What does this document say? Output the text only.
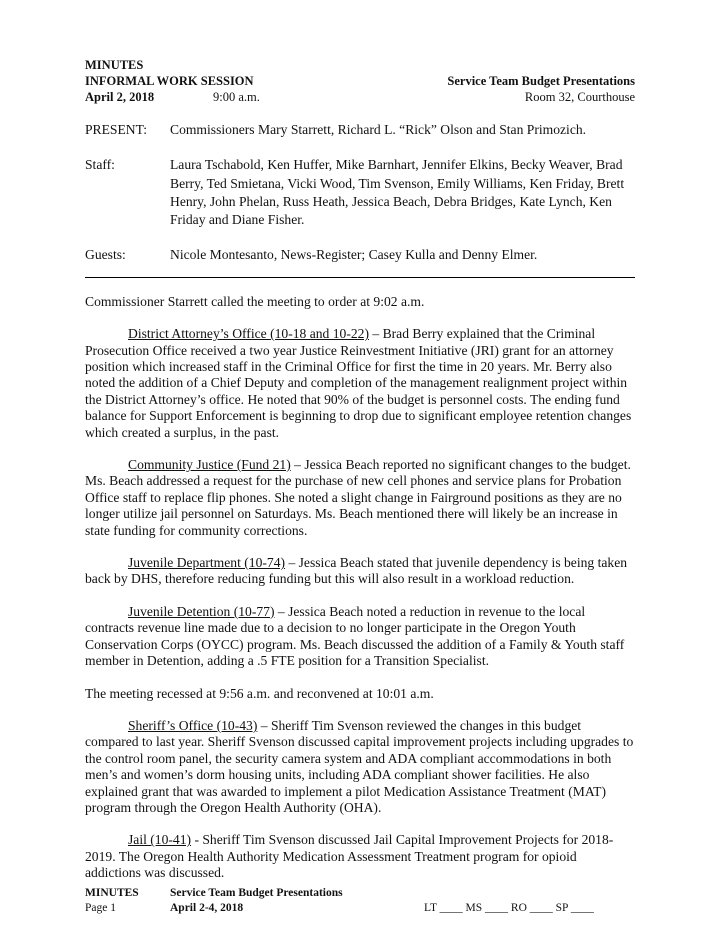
MINUTES
INFORMAL WORK SESSION	Service Team Budget Presentations
April 2, 2018	9:00 a.m.	Room 32, Courthouse
PRESENT:	Commissioners Mary Starrett, Richard L. “Rick” Olson and Stan Primozich.
Staff:	Laura Tschabold, Ken Huffer, Mike Barnhart, Jennifer Elkins, Becky Weaver, Brad Berry, Ted Smietana, Vicki Wood, Tim Svenson, Emily Williams, Ken Friday, Brett Henry, John Phelan, Russ Heath, Jessica Beach, Debra Bridges, Kate Lynch, Ken Friday and Diane Fisher.
Guests:	Nicole Montesanto, News-Register; Casey Kulla and Denny Elmer.

Commissioner Starrett called the meeting to order at 9:02 a.m.

District Attorney’s Office (10-18 and 10-22) – Brad Berry explained that the Criminal Prosecution Office received a two year Justice Reinvestment Initiative (JRI) grant for an attorney position which increased staff in the Criminal Office for first the time in 20 years. Mr. Berry also noted the addition of a Chief Deputy and completion of the management realignment project within the District Attorney’s office. He noted that 90% of the budget is personnel costs. The ending fund balance for Support Enforcement is beginning to drop due to significant employee retention changes which created a surplus, in the past.

Community Justice (Fund 21) – Jessica Beach reported no significant changes to the budget. Ms. Beach addressed a request for the purchase of new cell phones and service plans for Probation Office staff to replace flip phones. She noted a slight change in Fairground positions as they are no longer utilize jail personnel on Saturdays. Ms. Beach mentioned there will likely be an increase in state funding for community corrections.

Juvenile Department (10-74) – Jessica Beach stated that juvenile dependency is being taken back by DHS, therefore reducing funding but this will also result in a workload reduction.

Juvenile Detention (10-77) – Jessica Beach noted a reduction in revenue to the local contracts revenue line made due to a decision to no longer participate in the Oregon Youth Conservation Corps (OYCC) program. Ms. Beach discussed the addition of a Family & Youth staff member in Detention, adding a .5 FTE position for a Transition Specialist.

The meeting recessed at 9:56 a.m. and reconvened at 10:01 a.m.

Sheriff’s Office (10-43) – Sheriff Tim Svenson reviewed the changes in this budget compared to last year. Sheriff Svenson discussed capital improvement projects including upgrades to the control room panel, the security camera system and ADA compliant accommodations in both men’s and women’s dorm housing units, including ADA compliant shower facilities. He also explained grant that was awarded to implement a pilot Medication Assistance Treatment (MAT) program through the Oregon Health Authority (OHA).

Jail (10-41) - Sheriff Tim Svenson discussed Jail Capital Improvement Projects for 2018-2019. The Oregon Health Authority Medication Assessment Treatment program for opioid addictions was discussed.

MINUTES	Service Team Budget Presentations
Page 1	April 2-4, 2018	LT ____ MS ____ RO ____ SP ____
